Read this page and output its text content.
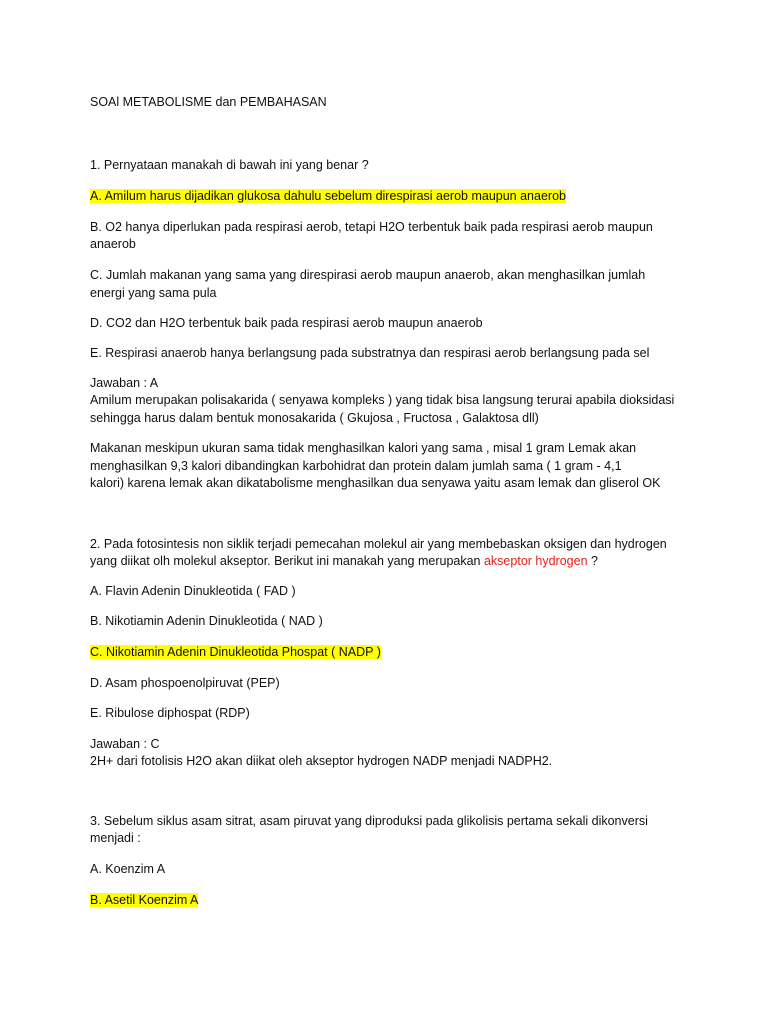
SOAl METABOLISME dan PEMBAHASAN
1. Pernyataan manakah di bawah ini yang benar ?
A. Amilum harus dijadikan glukosa dahulu sebelum direspirasi aerob maupun anaerob
B. O2 hanya diperlukan pada respirasi aerob, tetapi H2O terbentuk baik pada respirasi aerob maupun
anaerob
C. Jumlah makanan yang sama yang direspirasi aerob maupun anaerob, akan menghasilkan jumlah
energi yang sama pula
D. CO2 dan H2O terbentuk baik pada respirasi aerob maupun anaerob
E. Respirasi anaerob hanya berlangsung pada substratnya dan respirasi aerob berlangsung pada sel
Jawaban : A
Amilum merupakan polisakarida ( senyawa kompleks ) yang tidak bisa langsung terurai apabila dioksidasi
sehingga harus dalam bentuk monosakarida ( Gkujosa , Fructosa , Galaktosa dll)
Makanan meskipun ukuran sama tidak menghasilkan kalori yang sama , misal 1 gram Lemak akan
menghasilkan 9,3 kalori dibandingkan karbohidrat dan protein dalam jumlah sama ( 1 gram - 4,1
kalori) karena lemak akan dikatabolisme menghasilkan dua senyawa yaitu asam lemak dan gliserol OK
2. Pada fotosintesis non siklik terjadi pemecahan molekul air yang membebaskan oksigen dan hydrogen
yang diikat olh molekul akseptor. Berikut ini manakah yang merupakan akseptor hydrogen ?
A. Flavin Adenin Dinukleotida ( FAD )
B. Nikotiamin Adenin Dinukleotida ( NAD )
C. Nikotiamin Adenin Dinukleotida Phospat ( NADP )
D. Asam phospoenolpiruvat (PEP)
E. Ribulose diphospat (RDP)
Jawaban : C
2H+ dari fotolisis H2O akan diikat oleh akseptor hydrogen NADP menjadi NADPH2.
3. Sebelum siklus asam sitrat, asam piruvat yang diproduksi pada glikolisis pertama sekali dikonversi
menjadi :
A. Koenzim A
B. Asetil Koenzim A
